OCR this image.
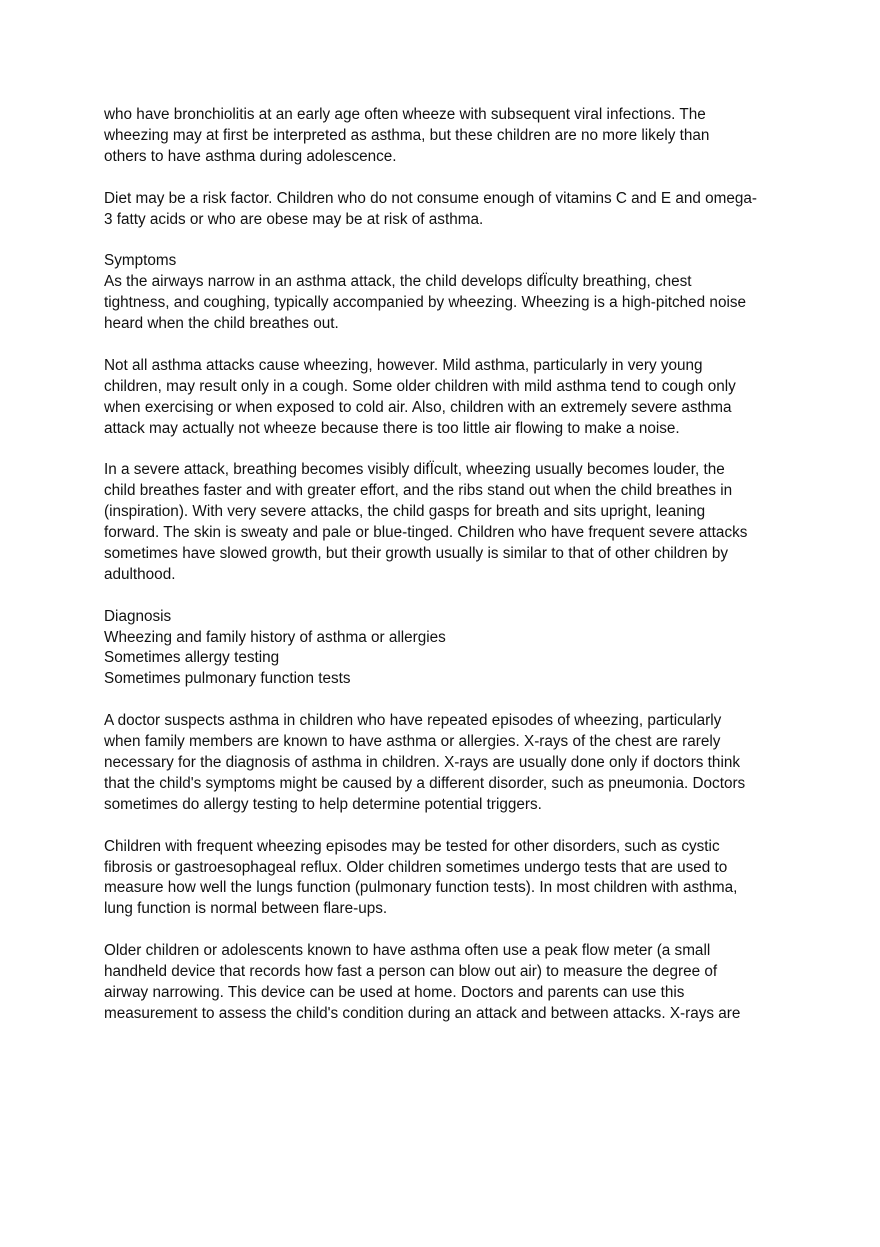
who have bronchiolitis at an early age often wheeze with subsequent viral infections. The
wheezing may at first be interpreted as asthma, but these children are no more likely than
others to have asthma during adolescence.

Diet may be a risk factor. Children who do not consume enough of vitamins C and E and omega-
3 fatty acids or who are obese may be at risk of asthma.

Symptoms

As the airways narrow in an asthma attack, the child develops difÏculty breathing, chest
tightness, and coughing, typically accompanied by wheezing. Wheezing is a high-pitched noise
heard when the child breathes out.

Not all asthma attacks cause wheezing, however. Mild asthma, particularly in very young
children, may result only in a cough. Some older children with mild asthma tend to cough only
when exercising or when exposed to cold air. Also, children with an extremely severe asthma
attack may actually not wheeze because there is too little air flowing to make a noise.

In a severe attack, breathing becomes visibly difÏcult, wheezing usually becomes louder, the
child breathes faster and with greater effort, and the ribs stand out when the child breathes in
(inspiration). With very severe attacks, the child gasps for breath and sits upright, leaning
forward. The skin is sweaty and pale or blue-tinged. Children who have frequent severe attacks
sometimes have slowed growth, but their growth usually is similar to that of other children by
adulthood.

Diagnosis

Wheezing and family history of asthma or allergies

Sometimes allergy testing

Sometimes pulmonary function tests

A doctor suspects asthma in children who have repeated episodes of wheezing, particularly
when family members are known to have asthma or allergies. X-rays of the chest are rarely
necessary for the diagnosis of asthma in children. X-rays are usually done only if doctors think
that the child's symptoms might be caused by a different disorder, such as pneumonia. Doctors
sometimes do allergy testing to help determine potential triggers.

Children with frequent wheezing episodes may be tested for other disorders, such as cystic
fibrosis or gastroesophageal reflux. Older children sometimes undergo tests that are used to
measure how well the lungs function (pulmonary function tests). In most children with asthma,
lung function is normal between flare-ups.

Older children or adolescents known to have asthma often use a peak flow meter (a small
handheld device that records how fast a person can blow out air) to measure the degree of
airway narrowing. This device can be used at home. Doctors and parents can use this
measurement to assess the child's condition during an attack and between attacks. X-rays are
